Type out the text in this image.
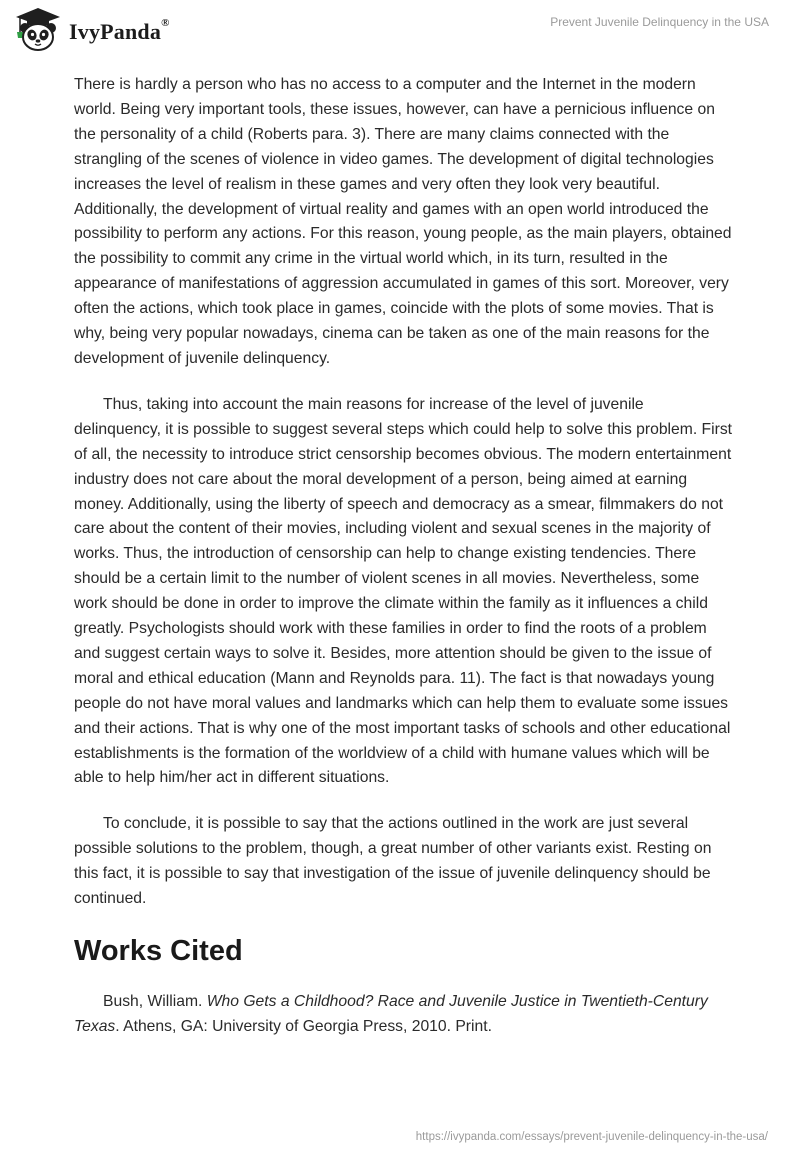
IvyPanda®	Prevent Juvenile Delinquency in the USA

There is hardly a person who has no access to a computer and the Internet in the modern world. Being very important tools, these issues, however, can have a pernicious influence on the personality of a child (Roberts para. 3). There are many claims connected with the strangling of the scenes of violence in video games. The development of digital technologies increases the level of realism in these games and very often they look very beautiful. Additionally, the development of virtual reality and games with an open world introduced the possibility to perform any actions. For this reason, young people, as the main players, obtained the possibility to commit any crime in the virtual world which, in its turn, resulted in the appearance of manifestations of aggression accumulated in games of this sort. Moreover, very often the actions, which took place in games, coincide with the plots of some movies. That is why, being very popular nowadays, cinema can be taken as one of the main reasons for the development of juvenile delinquency.

Thus, taking into account the main reasons for increase of the level of juvenile delinquency, it is possible to suggest several steps which could help to solve this problem. First of all, the necessity to introduce strict censorship becomes obvious. The modern entertainment industry does not care about the moral development of a person, being aimed at earning money. Additionally, using the liberty of speech and democracy as a smear, filmmakers do not care about the content of their movies, including violent and sexual scenes in the majority of works. Thus, the introduction of censorship can help to change existing tendencies. There should be a certain limit to the number of violent scenes in all movies. Nevertheless, some work should be done in order to improve the climate within the family as it influences a child greatly. Psychologists should work with these families in order to find the roots of a problem and suggest certain ways to solve it. Besides, more attention should be given to the issue of moral and ethical education (Mann and Reynolds para. 11). The fact is that nowadays young people do not have moral values and landmarks which can help them to evaluate some issues and their actions. That is why one of the most important tasks of schools and other educational establishments is the formation of the worldview of a child with humane values which will be able to help him/her act in different situations.

To conclude, it is possible to say that the actions outlined in the work are just several possible solutions to the problem, though, a great number of other variants exist. Resting on this fact, it is possible to say that investigation of the issue of juvenile delinquency should be continued.

Works Cited

Bush, William. Who Gets a Childhood? Race and Juvenile Justice in Twentieth-Century Texas. Athens, GA: University of Georgia Press, 2010. Print.

https://ivypanda.com/essays/prevent-juvenile-delinquency-in-the-usa/
